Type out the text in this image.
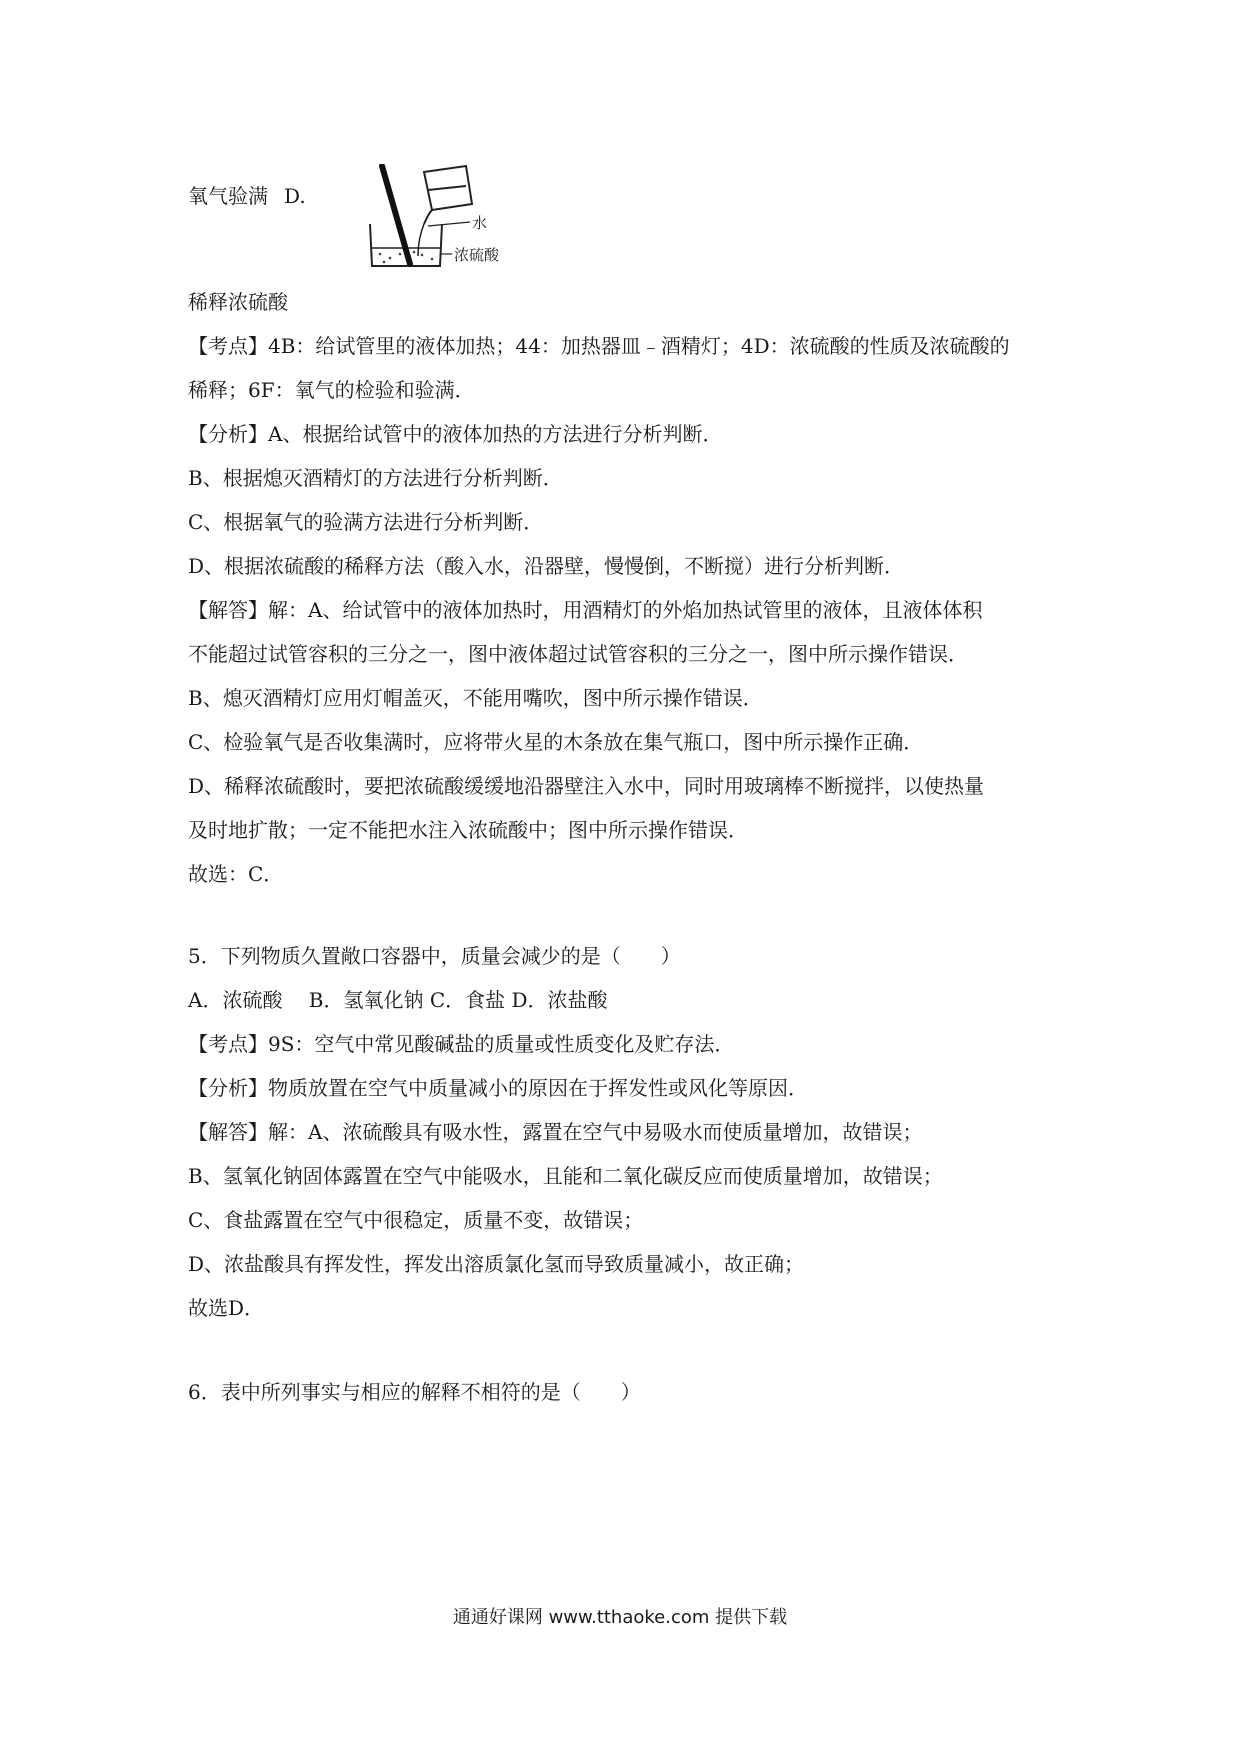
氧气验满 D.
水
浓硫酸
稀释浓硫酸
【考点】4B：给试管里的液体加热；44：加热器皿﹣酒精灯；4D：浓硫酸的性质及浓硫酸的
稀释；6F：氧气的检验和验满．
【分析】A、根据给试管中的液体加热的方法进行分析判断．
B、根据熄灭酒精灯的方法进行分析判断．
C、根据氧气的验满方法进行分析判断．
D、根据浓硫酸的稀释方法（酸入水，沿器壁，慢慢倒，不断搅）进行分析判断．
【解答】解：A、给试管中的液体加热时，用酒精灯的外焰加热试管里的液体，且液体体积
不能超过试管容积的三分之一，图中液体超过试管容积的三分之一，图中所示操作错误．
B、熄灭酒精灯应用灯帽盖灭，不能用嘴吹，图中所示操作错误．
C、检验氧气是否收集满时，应将带火星的木条放在集气瓶口，图中所示操作正确．
D、稀释浓硫酸时，要把浓硫酸缓缓地沿器壁注入水中，同时用玻璃棒不断搅拌，以使热量
及时地扩散；一定不能把水注入浓硫酸中；图中所示操作错误．
故选：C．
5．下列物质久置敞口容器中，质量会减少的是（　　）
A．浓硫酸　 B．氢氧化钠 C．食盐 D．浓盐酸
【考点】9S：空气中常见酸碱盐的质量或性质变化及贮存法．
【分析】物质放置在空气中质量减小的原因在于挥发性或风化等原因．
【解答】解：A、浓硫酸具有吸水性，露置在空气中易吸水而使质量增加，故错误；
B、氢氧化钠固体露置在空气中能吸水，且能和二氧化碳反应而使质量增加，故错误；
C、食盐露置在空气中很稳定，质量不变，故错误；
D、浓盐酸具有挥发性，挥发出溶质氯化氢而导致质量减小，故正确；
故选D．
6．表中所列事实与相应的解释不相符的是（　　）
通通好课网 www.tthaoke.com 提供下载
